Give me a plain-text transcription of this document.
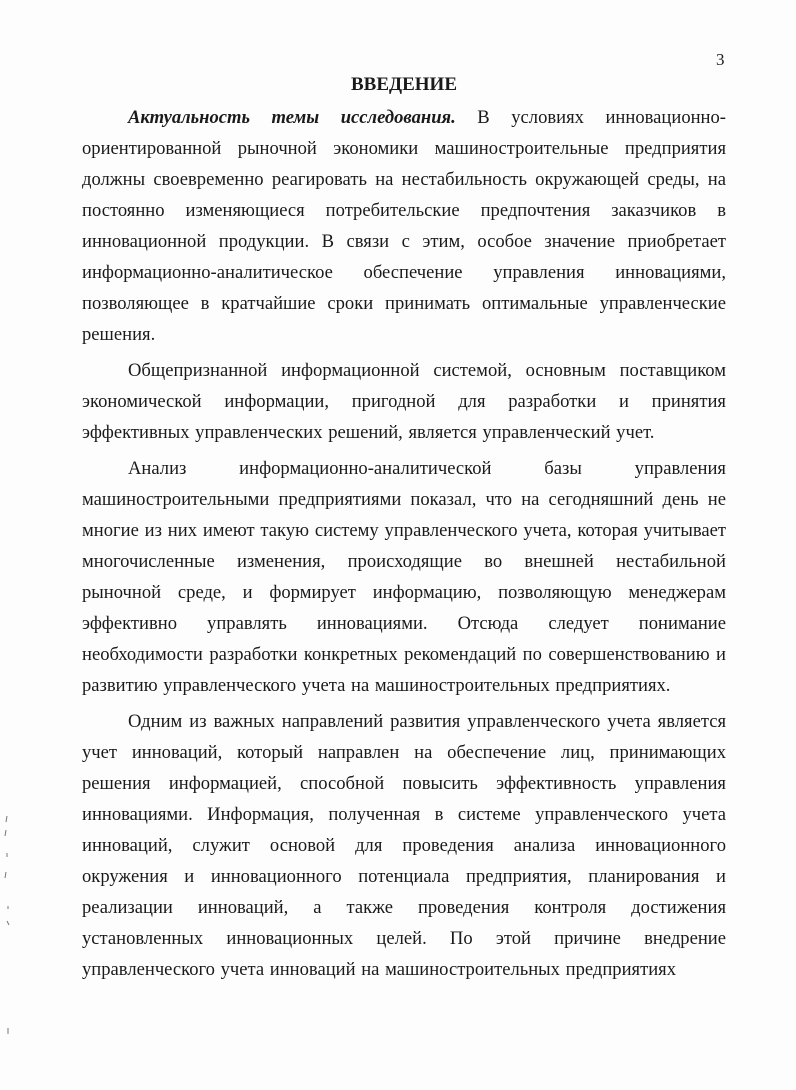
3
ВВЕДЕНИЕ

Актуальность темы исследования. В условиях инновационно-ориентированной рыночной экономики машиностроительные предприятия должны своевременно реагировать на нестабильность окружающей среды, на постоянно изменяющиеся потребительские предпочтения заказчиков в инновационной продукции. В связи с этим, особое значение приобретает информационно-аналитическое обеспечение управления инновациями, позволяющее в кратчайшие сроки принимать оптимальные управленческие решения.

Общепризнанной информационной системой, основным поставщиком экономической информации, пригодной для разработки и принятия эффективных управленческих решений, является управленческий учет.

Анализ информационно-аналитической базы управления машиностроительными предприятиями показал, что на сегодняшний день не многие из них имеют такую систему управленческого учета, которая учитывает многочисленные изменения, происходящие во внешней нестабильной рыночной среде, и формирует информацию, позволяющую менеджерам эффективно управлять инновациями. Отсюда следует понимание необходимости разработки конкретных рекомендаций по совершенствованию и развитию управленческого учета на машиностроительных предприятиях.

Одним из важных направлений развития управленческого учета является учет инноваций, который направлен на обеспечение лиц, принимающих решения информацией, способной повысить эффективность управления инновациями. Информация, полученная в системе управленческого учета инноваций, служит основой для проведения анализа инновационного окружения и инновационного потенциала предприятия, планирования и реализации инноваций, а также проведения контроля достижения установленных инновационных целей. По этой причине внедрение управленческого учета инноваций на машиностроительных предприятиях
